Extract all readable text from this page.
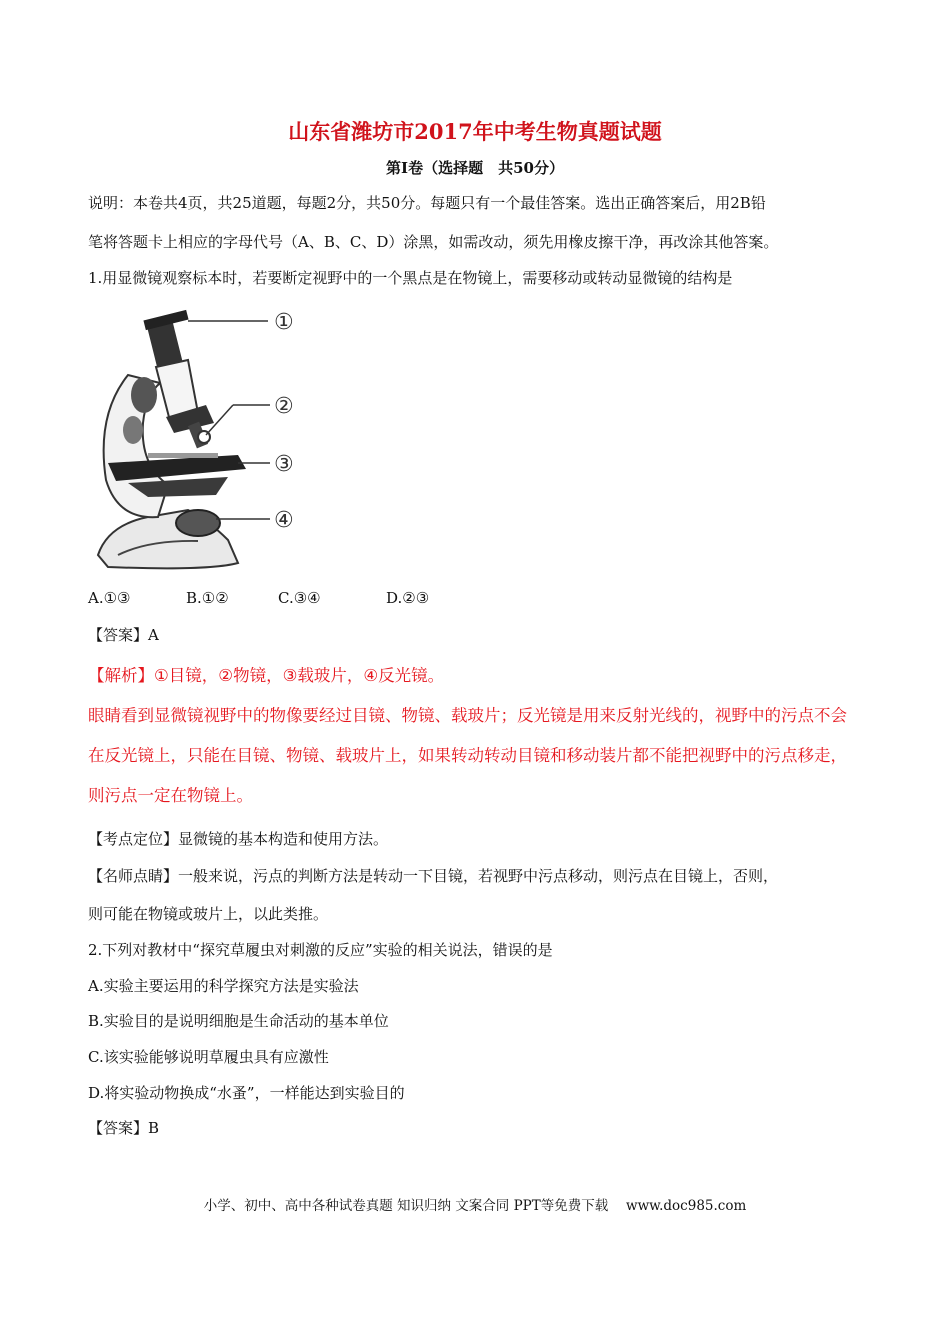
山东省潍坊市2017年中考生物真题试题
第Ⅰ卷（选择题　共50分）
说明：本卷共4页，共25道题，每题2分，共50分。每题只有一个最佳答案。选出正确答案后，用2B铅
笔将答题卡上相应的字母代号（A、B、C、D）涂黑，如需改动，须先用橡皮擦干净，再改涂其他答案。
1.用显微镜观察标本时，若要断定视野中的一个黑点是在物镜上，需要移动或转动显微镜的结构是
①
②
③
④
A.①③	B.①②	C.③④	D.②③
【答案】A
【解析】①目镜，②物镜，③载玻片，④反光镜。
眼睛看到显微镜视野中的物像要经过目镜、物镜、载玻片；反光镜是用来反射光线的，视野中的污点不会
在反光镜上，只能在目镜、物镜、载玻片上，如果转动转动目镜和移动装片都不能把视野中的污点移走，
则污点一定在物镜上。
【考点定位】显微镜的基本构造和使用方法。
【名师点睛】一般来说，污点的判断方法是转动一下目镜，若视野中污点移动，则污点在目镜上，否则，
则可能在物镜或玻片上，以此类推。
2.下列对教材中“探究草履虫对刺激的反应”实验的相关说法，错误的是
A.实验主要运用的科学探究方法是实验法
B.实验目的是说明细胞是生命活动的基本单位
C.该实验能够说明草履虫具有应激性
D.将实验动物换成“水蚤”，一样能达到实验目的
【答案】B
小学、初中、高中各种试卷真题 知识归纳 文案合同 PPT等免费下载　 www.doc985.com
